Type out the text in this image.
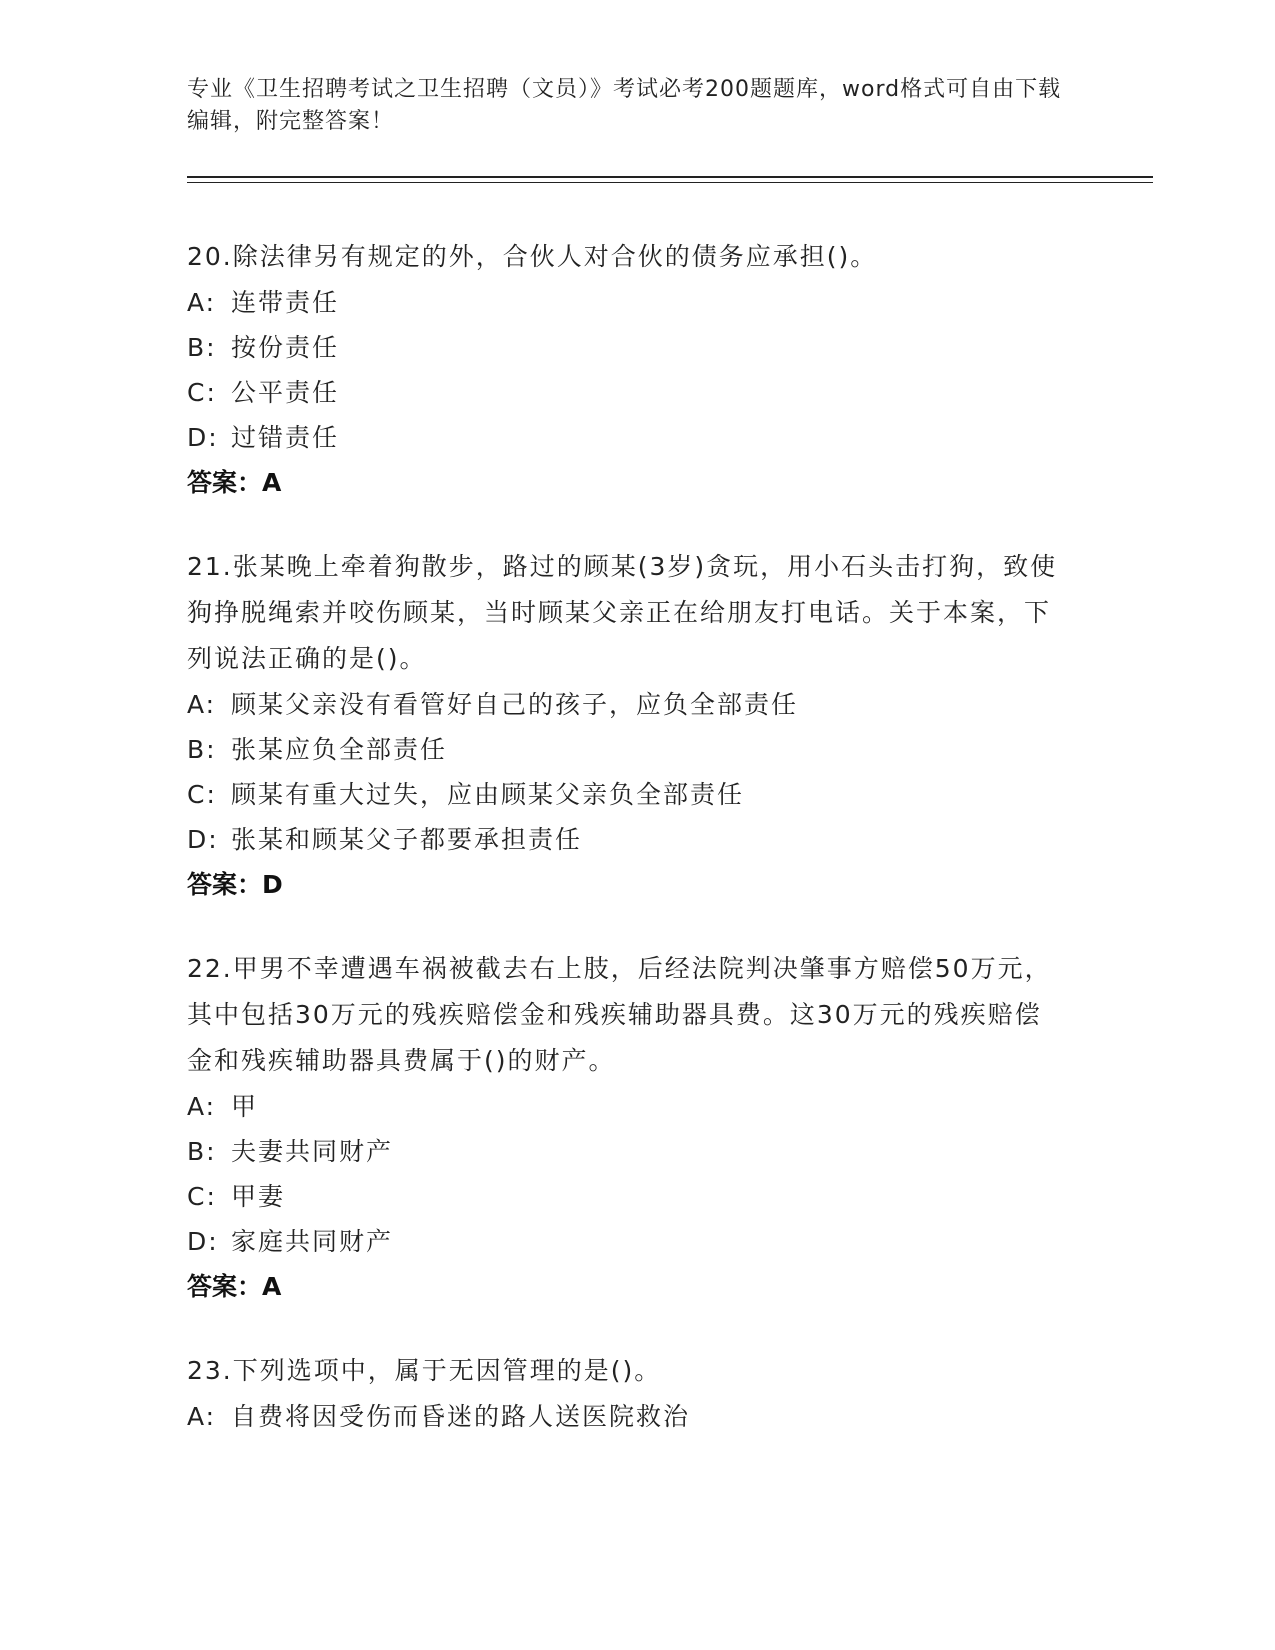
专业《卫生招聘考试之卫生招聘（文员）》考试必考200题题库，word格式可自由下载编辑，附完整答案！

20.除法律另有规定的外，合伙人对合伙的债务应承担()。

A: 连带责任

B: 按份责任

C: 公平责任

D: 过错责任

答案：A

21.张某晚上牵着狗散步，路过的顾某(3岁)贪玩，用小石头击打狗，致使狗挣脱绳索并咬伤顾某，当时顾某父亲正在给朋友打电话。关于本案，下列说法正确的是()。

A: 顾某父亲没有看管好自己的孩子，应负全部责任

B: 张某应负全部责任

C: 顾某有重大过失，应由顾某父亲负全部责任

D: 张某和顾某父子都要承担责任

答案：D

22.甲男不幸遭遇车祸被截去右上肢，后经法院判决肇事方赔偿50万元，其中包括30万元的残疾赔偿金和残疾辅助器具费。这30万元的残疾赔偿金和残疾辅助器具费属于()的财产。

A: 甲

B: 夫妻共同财产

C: 甲妻

D: 家庭共同财产

答案：A

23.下列选项中，属于无因管理的是()。

A: 自费将因受伤而昏迷的路人送医院救治
